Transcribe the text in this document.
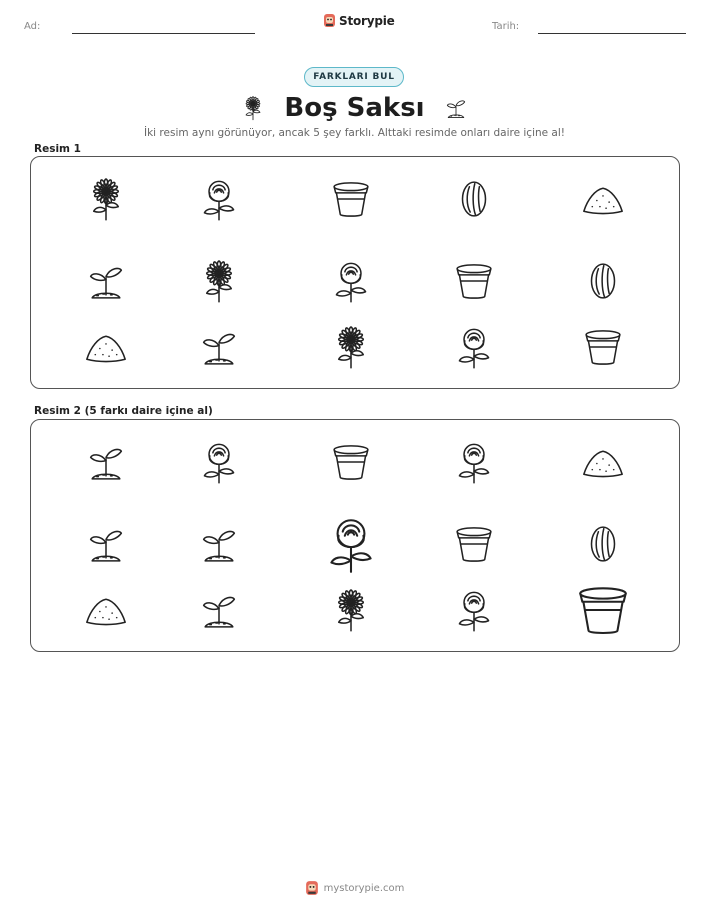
Ad:	Storypie	Tarih:
FARKLARI BUL
Boş Saksı
İki resim aynı görünüyor, ancak 5 şey farklı. Alttaki resimde onları daire içine al!
Resim 1
Resim 2 (5 farkı daire içine al)
mystorypie.com
